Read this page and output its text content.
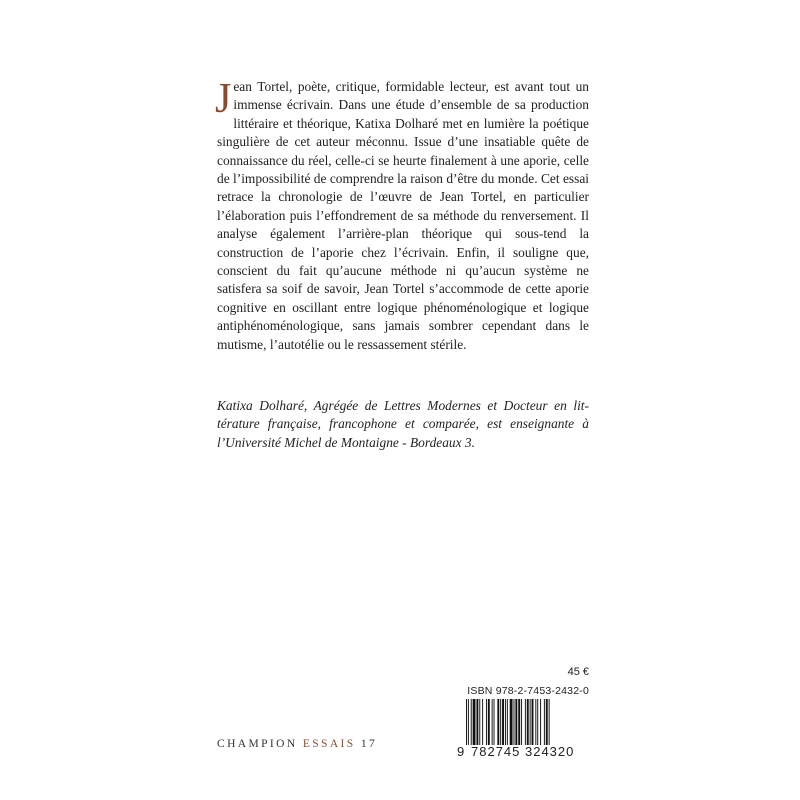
Jean Tortel, poète, critique, formidable lecteur, est avant tout un immense écrivain. Dans une étude d’ensemble de sa production littéraire et théorique, Katixa Dolharé met en lumière la poétique singulière de cet auteur méconnu. Issue d’une insatiable quête de connaissance du réel, celle-ci se heurte finalement à une aporie, celle de l’impossibilité de comprendre la raison d’être du monde. Cet essai retrace la chronologie de l’œuvre de Jean Tortel, en particulier l’élaboration puis l’effondrement de sa méthode du renversement. Il analyse également l’arrière-plan théorique qui sous-tend la construction de l’aporie chez l’écrivain. Enfin, il souligne que, conscient du fait qu’aucune méthode ni qu’aucun système ne satisfera sa soif de savoir, Jean Tortel s’accommode de cette aporie cognitive en oscillant entre logique phénoménologique et logique antiphénoménologique, sans jamais sombrer cependant dans le mutisme, l’autotélie ou le ressassement stérile.
Katixa Dolharé, Agrégée de Lettres Modernes et Docteur en littérature française, francophone et comparée, est enseignante à l’Université Michel de Montaigne - Bordeaux 3.
45 €
ISBN 978-2-7453-2432-0
9 782745 324320
CHAMPION ESSAIS 17
